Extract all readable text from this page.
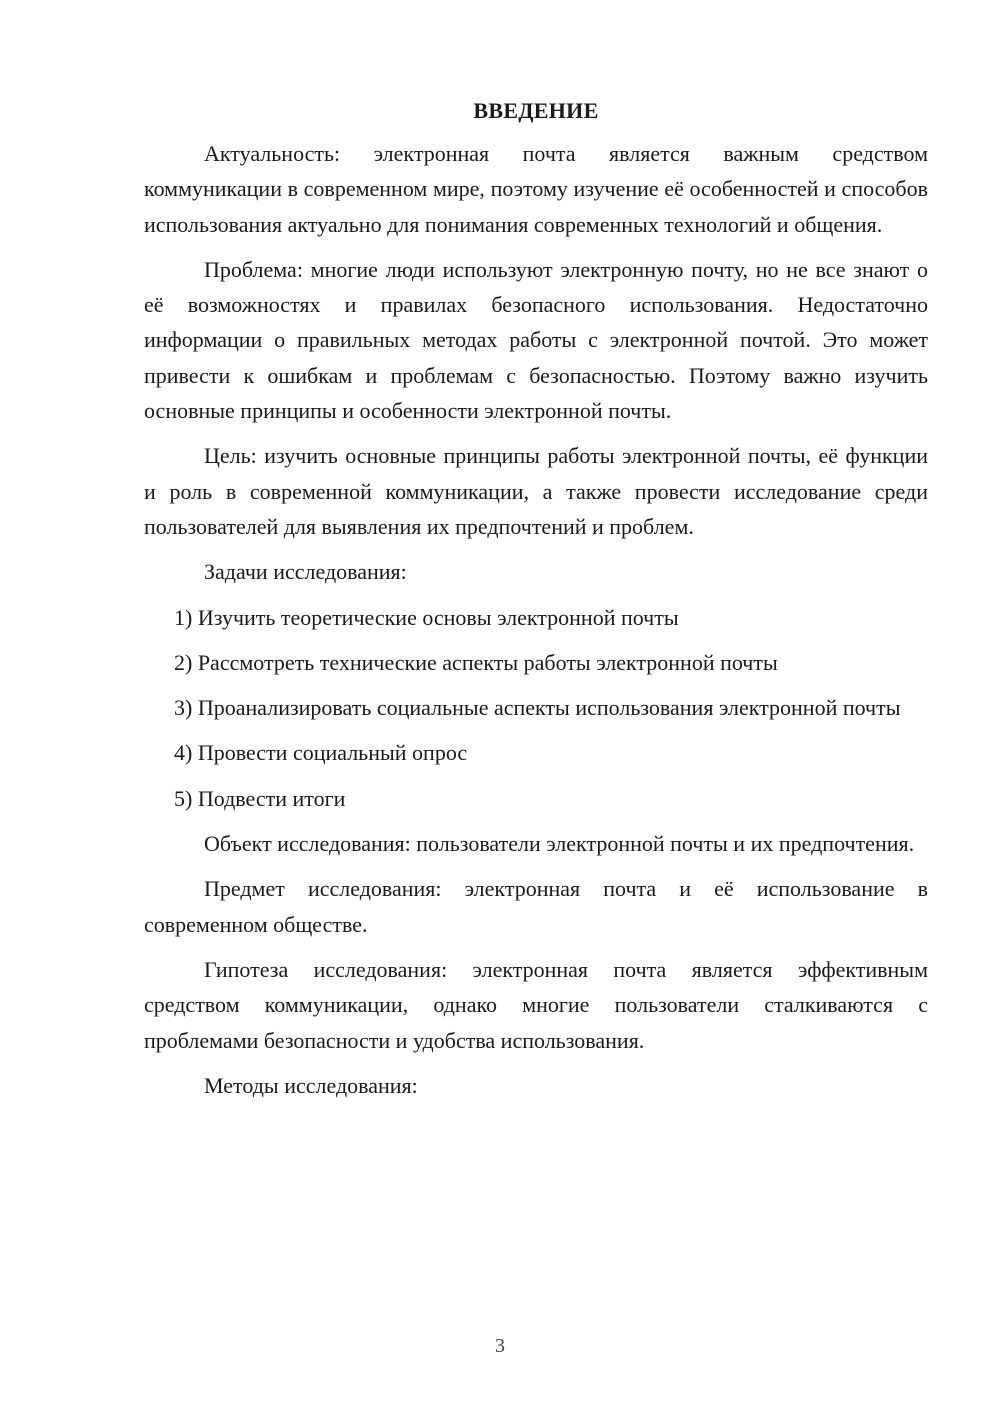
ВВЕДЕНИЕ

Актуальность: электронная почта является важным средством коммуникации в современном мире, поэтому изучение её особенностей и способов использования актуально для понимания современных технологий и общения.

Проблема: многие люди используют электронную почту, но не все знают о её возможностях и правилах безопасного использования. Недостаточно информации о правильных методах работы с электронной почтой. Это может привести к ошибкам и проблемам с безопасностью. Поэтому важно изучить основные принципы и особенности электронной почты.

Цель: изучить основные принципы работы электронной почты, её функции и роль в современной коммуникации, а также провести исследование среди пользователей для выявления их предпочтений и проблем.

Задачи исследования:

1) Изучить теоретические основы электронной почты

2) Рассмотреть технические аспекты работы электронной почты

3) Проанализировать социальные аспекты использования электронной почты

4) Провести социальный опрос

5) Подвести итоги

Объект исследования: пользователи электронной почты и их предпочтения.

Предмет исследования: электронная почта и её использование в современном обществе.

Гипотеза исследования: электронная почта является эффективным средством коммуникации, однако многие пользователи сталкиваются с проблемами безопасности и удобства использования.

Методы исследования:

3
